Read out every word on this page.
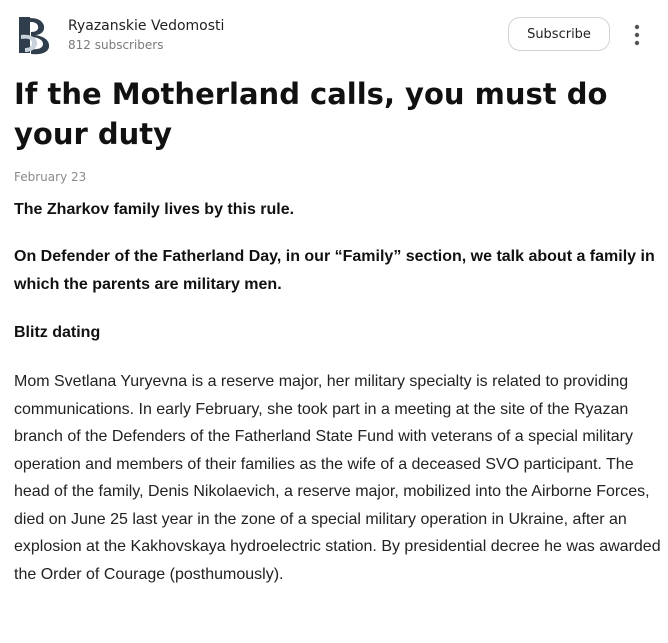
Ryazanskie Vedomosti
812 subscribers
Subscribe
If the Motherland calls, you must do your duty
February 23

The Zharkov family lives by this rule.

On Defender of the Fatherland Day, in our “Family” section, we talk about a family in which the parents are military men.

Blitz dating

Mom Svetlana Yuryevna is a reserve major, her military specialty is related to providing communications. In early February, she took part in a meeting at the site of the Ryazan branch of the Defenders of the Fatherland State Fund with veterans of a special military operation and members of their families as the wife of a deceased SVO participant. The head of the family, Denis Nikolaevich, a reserve major, mobilized into the Airborne Forces, died on June 25 last year in the zone of a special military operation in Ukraine, after an explosion at the Kakhovskaya hydroelectric station. By presidential decree he was awarded the Order of Courage (posthumously).
